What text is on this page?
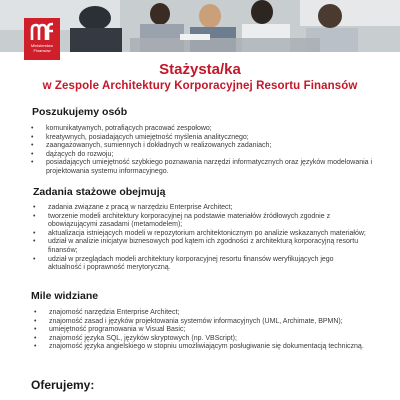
Ministerstwo Finansów
Stażysta/ka
w Zespole Architektury Korporacyjnej Resortu Finansów
Poszukujemy osób
• komunikatywnych, potrafiących pracować zespołowo;
• kreatywnych, posiadających umiejętność myślenia analitycznego;
• zaangażowanych, sumiennych i dokładnych w realizowanych zadaniach;
• dążących do rozwoju;
• posiadających umiejętność szybkiego poznawania narzędzi informatycznych oraz języków modelowania i projektowania systemu informacyjnego.
Zadania stażowe obejmują
• zadania związane z pracą w narzędziu Enterprise Architect;
• tworzenie modeli architektury korporacyjnej na podstawie materiałów źródłowych zgodnie z obowiązującymi zasadami (metamodelem);
• aktualizacja istniejących modeli w repozytorium architektonicznym po analizie wskazanych materiałów;
• udział w analizie inicjatyw biznesowych pod kątem ich zgodności z architekturą korporacyjną resortu finansów;
• udział w przeglądach modeli architektury korporacyjnej resortu finansów weryfikujących jego aktualność i poprawność merytoryczną.
Mile widziane
• znajomość narzędzia Enterprise Architect;
• znajomość zasad i języków projektowania systemów informacyjnych (UML, Archimate, BPMN);
• umiejętność programowania w Visual Basic;
• znajomość języka SQL, języków skryptowych (np. VBScript);
• znajomość języka angielskiego w stopniu umożliwiającym posługiwanie się dokumentacją techniczną.
Oferujemy:
